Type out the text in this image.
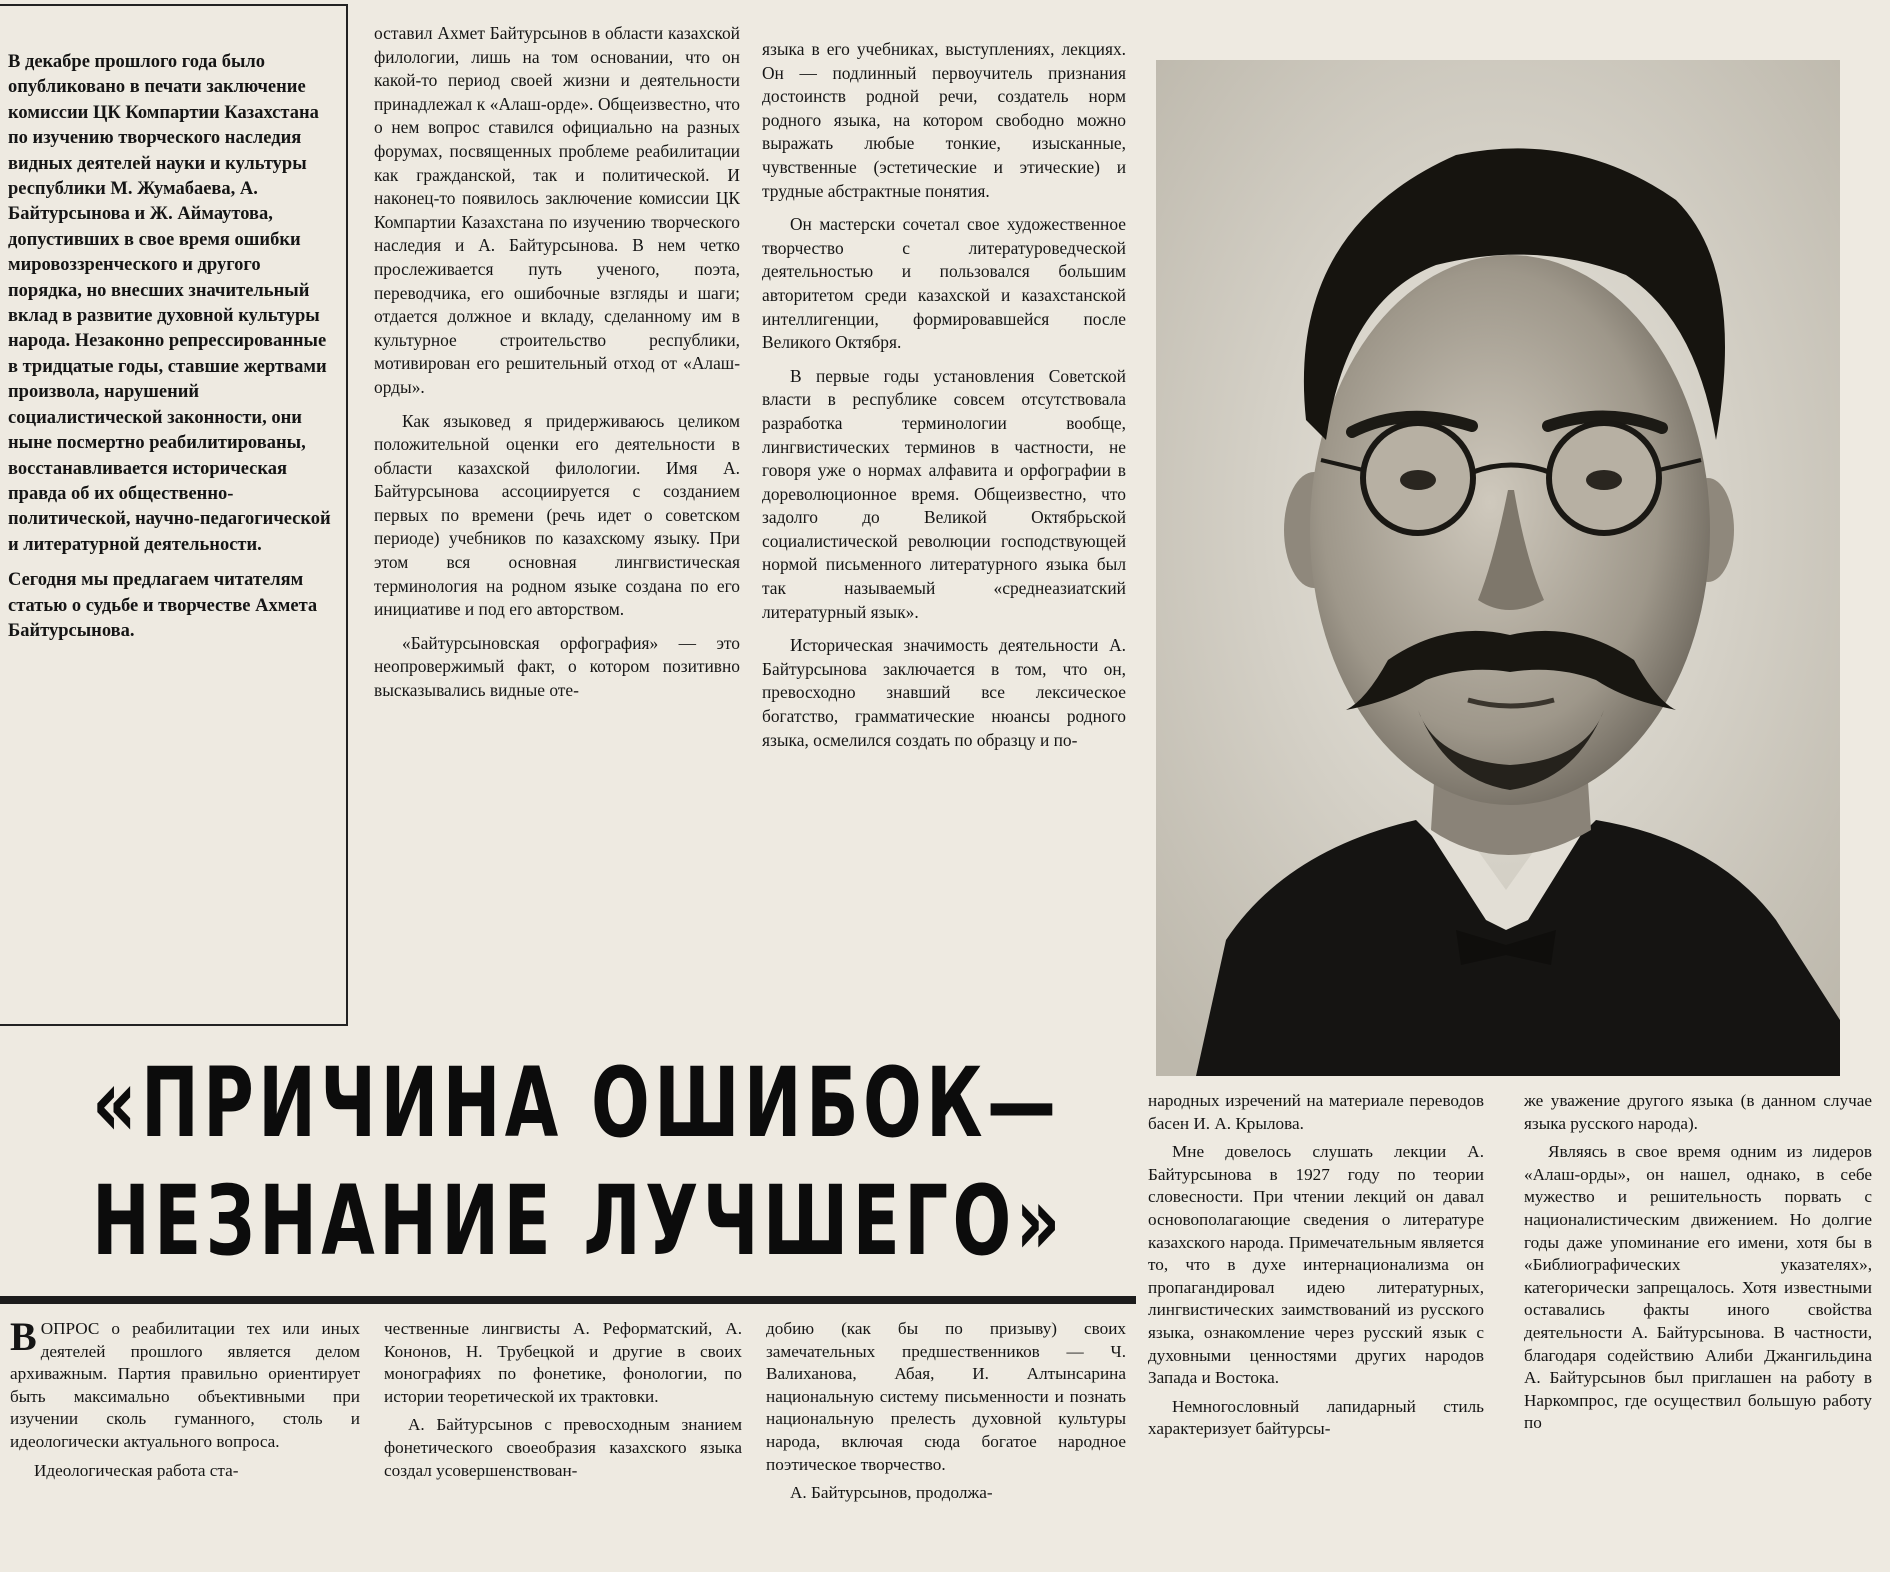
В декабре прошлого года было опубликовано в печати заключение комиссии ЦК Компартии Казахстана по изучению творческого наследия видных деятелей науки и культуры республики М. Жумабаева, А. Байтурсынова и Ж. Аймаутова, допустивших в свое время ошибки мировоззренческого и другого порядка, но внесших значительный вклад в развитие духовной культуры народа. Незаконно репрессированные в тридцатые годы, ставшие жертвами произвола, нарушений социалистической законности, они ныне посмертно реабилитированы, восстанавливается историческая правда об их общественно-политической, научно-педагогической и литературной деятельности.

Сегодня мы предлагаем читателям статью о судьбе и творчестве Ахмета Байтурсынова.

оставил Ахмет Байтурсынов в области казахской филологии, лишь на том основании, что он какой-то период своей жизни и деятельности принадлежал к «Алаш-орде». Общеизвестно, что о нем вопрос ставился официально на разных форумах, посвященных проблеме реабилитации как гражданской, так и политической. И наконец-то появилось заключение комиссии ЦК Компартии Казахстана по изучению творческого наследия и А. Байтурсынова. В нем четко прослеживается путь ученого, поэта, переводчика, его ошибочные взгляды и шаги; отдается должное и вкладу, сделанному им в культурное строительство республики, мотивирован его решительный отход от «Алаш-орды».

Как языковед я придерживаюсь целиком положительной оценки его деятельности в области казахской филологии. Имя А. Байтурсынова ассоциируется с созданием первых по времени (речь идет о советском периоде) учебников по казахскому языку. При этом вся основная лингвистическая терминология на родном языке создана по его инициативе и под его авторством.

«Байтурсыновская орфография» — это неопровержимый факт, о котором позитивно высказывались видные оте-

языка в его учебниках, выступлениях, лекциях. Он — подлинный первоучитель признания достоинств родной речи, создатель норм родного языка, на котором свободно можно выражать любые тонкие, изысканные, чувственные (эстетические и этические) и трудные абстрактные понятия.

Он мастерски сочетал свое художественное творчество с литературоведческой деятельностью и пользовался большим авторитетом среди казахской и казахстанской интеллигенции, формировавшейся после Великого Октября.

В первые годы установления Советской власти в республике совсем отсутствовала разработка терминологии вообще, лингвистических терминов в частности, не говоря уже о нормах алфавита и орфографии в дореволюционное время. Общеизвестно, что задолго до Великой Октябрьской социалистической революции господствующей нормой письменного литературного языка был так называемый «среднеазиатский литературный язык».

Историческая значимость деятельности А. Байтурсынова заключается в том, что он, превосходно знавший все лексическое богатство, грамматические нюансы родного языка, осмелился создать по образцу и по-

«ПРИЧИНА ОШИБОК—
НЕЗНАНИЕ ЛУЧШЕГО»

В ОПРОС о реабилитации тех или иных деятелей прошлого является делом архиважным. Партия правильно ориентирует быть максимально объективными при изучении сколь гуманного, столь и идеологически актуального вопроса.

Идеологическая работа ста-

чественные лингвисты А. Реформатский, А. Кононов, Н. Трубецкой и другие в своих монографиях по фонетике, фонологии, по истории теоретической их трактовки.

А. Байтурсынов с превосходным знанием фонетического своеобразия казахского языка создал усовершенствован-

добию (как бы по призыву) своих замечательных предшественников — Ч. Валиханова, Абая, И. Алтынсарина национальную систему письменности и познать национальную прелесть духовной культуры народа, включая сюда богатое народное поэтическое творчество.

А. Байтурсынов, продолжа-

народных изречений на материале переводов басен И. А. Крылова.

Мне довелось слушать лекции А. Байтурсынова в 1927 году по теории словесности. При чтении лекций он давал основополагающие сведения о литературе казахского народа. Примечательным является то, что в духе интернационализма он пропагандировал идею литературных, лингвистических заимствований из русского языка, ознакомление через русский язык с духовными ценностями других народов Запада и Востока.

Немногословный лапидарный стиль характеризует байтурсы-

же уважение другого языка (в данном случае языка русского народа).

Являясь в свое время одним из лидеров «Алаш-орды», он нашел, однако, в себе мужество и решительность порвать с националистическим движением. Но долгие годы даже упоминание его имени, хотя бы в «Библиографических указателях», категорически запрещалось. Хотя известными оставались факты иного свойства деятельности А. Байтурсынова. В частности, благодаря содействию Алиби Джангильдина А. Байтурсынов был приглашен на работу в Наркомпрос, где осуществил большую работу по
